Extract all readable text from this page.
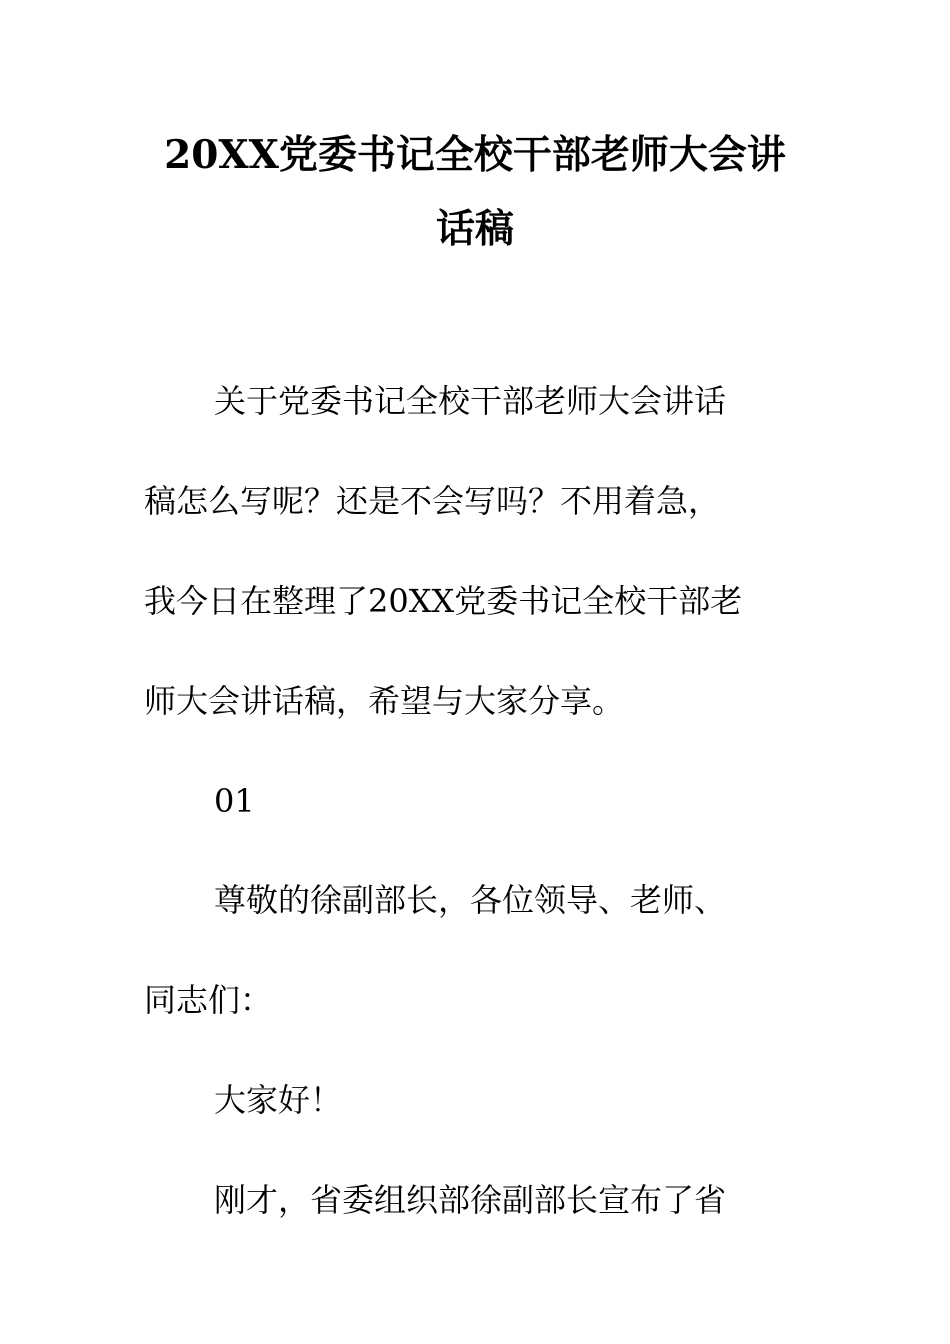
20XX党委书记全校干部老师大会讲
话稿

关于党委书记全校干部老师大会讲话

稿怎么写呢？还是不会写吗？不用着急，

我今日在整理了20XX党委书记全校干部老

师大会讲话稿，希望与大家分享。

01

尊敬的徐副部长，各位领导、老师、

同志们：

大家好！

刚才，省委组织部徐副部长宣布了省
